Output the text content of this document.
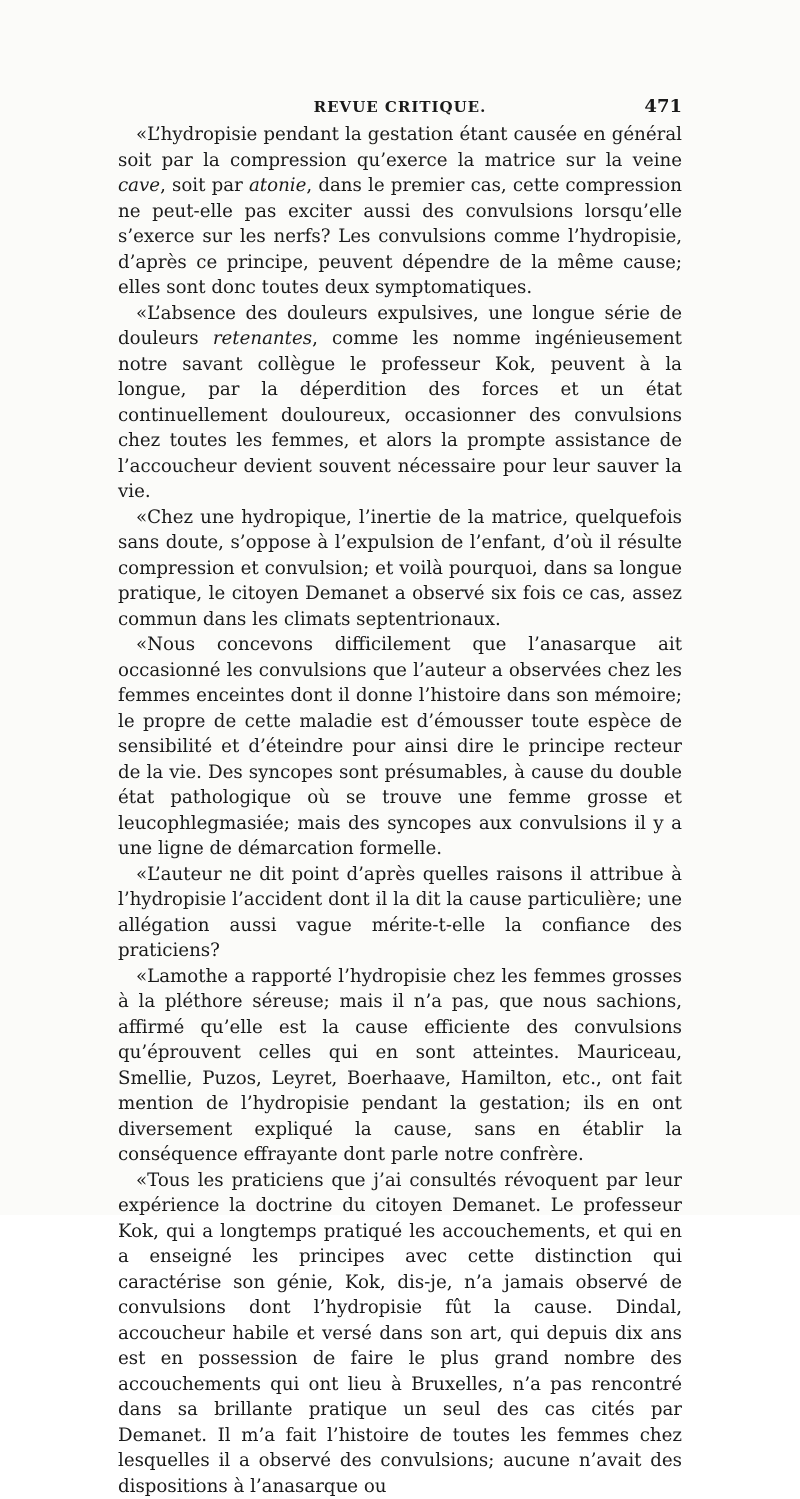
REVUE CRITIQUE.	471

«L’hydropisie pendant la gestation étant causée en général soit par la compression qu’exerce la matrice sur la veine cave, soit par atonie, dans le premier cas, cette compression ne peut-elle pas exciter aussi des convulsions lorsqu’elle s’exerce sur les nerfs? Les convulsions comme l’hydropisie, d’après ce principe, peuvent dépendre de la même cause; elles sont donc toutes deux symptomatiques.

«L’absence des douleurs expulsives, une longue série de douleurs retenantes, comme les nomme ingénieusement notre savant collègue le professeur Kok, peuvent à la longue, par la déperdition des forces et un état continuellement douloureux, occasionner des convulsions chez toutes les femmes, et alors la prompte assistance de l’accoucheur devient souvent nécessaire pour leur sauver la vie.

«Chez une hydropique, l’inertie de la matrice, quelquefois sans doute, s’oppose à l’expulsion de l’enfant, d’où il résulte compression et convulsion; et voilà pourquoi, dans sa longue pratique, le citoyen Demanet a observé six fois ce cas, assez commun dans les climats septentrionaux.

«Nous concevons difficilement que l’anasarque ait occasionné les convulsions que l’auteur a observées chez les femmes enceintes dont il donne l’histoire dans son mémoire; le propre de cette maladie est d’émousser toute espèce de sensibilité et d’éteindre pour ainsi dire le principe recteur de la vie. Des syncopes sont présumables, à cause du double état pathologique où se trouve une femme grosse et leucophlegmasiée; mais des syncopes aux convulsions il y a une ligne de démarcation formelle.

«L’auteur ne dit point d’après quelles raisons il attribue à l’hydropisie l’accident dont il la dit la cause particulière; une allégation aussi vague mérite-t-elle la confiance des praticiens?

«Lamothe a rapporté l’hydropisie chez les femmes grosses à la pléthore séreuse; mais il n’a pas, que nous sachions, affirmé qu’elle est la cause efficiente des convulsions qu’éprouvent celles qui en sont atteintes. Mauriceau, Smellie, Puzos, Leyret, Boerhaave, Hamilton, etc., ont fait mention de l’hydropisie pendant la gestation; ils en ont diversement expliqué la cause, sans en établir la conséquence effrayante dont parle notre confrère.

«Tous les praticiens que j’ai consultés révoquent par leur expérience la doctrine du citoyen Demanet. Le professeur Kok, qui a longtemps pratiqué les accouchements, et qui en a enseigné les principes avec cette distinction qui caractérise son génie, Kok, dis-je, n’a jamais observé de convulsions dont l’hydropisie fût la cause. Dindal, accoucheur habile et versé dans son art, qui depuis dix ans est en possession de faire le plus grand nombre des accouchements qui ont lieu à Bruxelles, n’a pas rencontré dans sa brillante pratique un seul des cas cités par Demanet. Il m’a fait l’histoire de toutes les femmes chez lesquelles il a observé des convulsions; aucune n’avait des dispositions à l’anasarque ou
